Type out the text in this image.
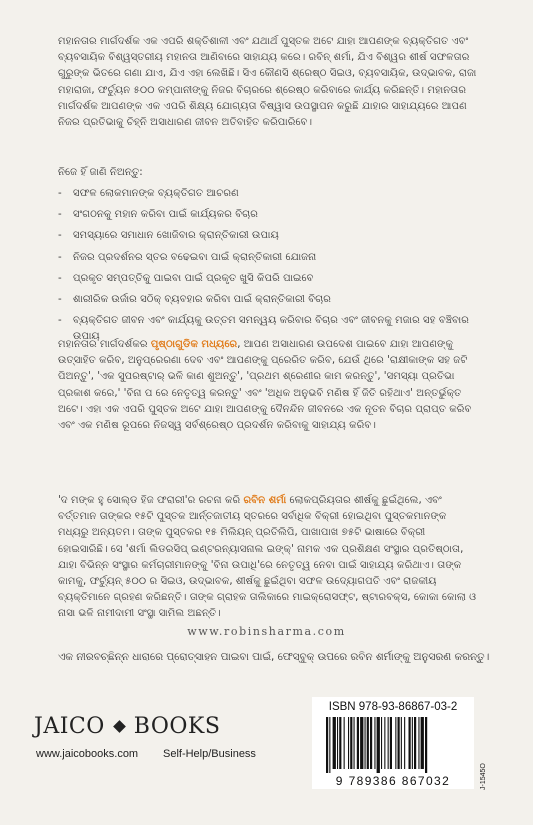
ମହାନତାର ମାର୍ଗଦର୍ଶକ ଏକ ଏପରି ଶକ୍ତିଶାଳୀ ଏବଂ ଯଥାର୍ଥ ପୁସ୍ତକ ଅଟେ ଯାହା ଆପଣଙ୍କ ବ୍ୟକ୍ତିଗତ ଏବଂ ବ୍ୟବସାୟିକ ବିଶ୍ୱସ୍ତରୀୟ ମହାନତା ଆଣିବାରେ ସାହାଯ୍ୟ କରେ। ରବିନ୍ ଶର୍ମା, ଯିଏ ବିଶ୍ୱର ଶୀର୍ଷ ସଫଳତାର ଗୁରୁଙ୍କ ଭିତରେ ଗଣା ଯାଏ, ଯିଏ ଏହା ଲେଖିଛି। ସିଏ କୌଣସି ଶ୍ରେଷ୍ଠ ସିଇଓ, ବ୍ୟବସାୟିକ, ଉଦ୍ଭାବକ, ରାଜା ମହାରାଜା, ଫର୍ଚ୍ୟୁନ ୫୦୦ କମ୍ପାନୀଙ୍କୁ ନିଜର ବିଚାରରେ ଶ୍ରେଷ୍ଠ କରିବାରେ କାର୍ଯ୍ୟ କରିଛନ୍ତି। ମହାନତାର ମାର୍ଗଦର୍ଶକ ଆପଣଙ୍କ ଏକ ଏପରି ଶିକ୍ଷ୍ୟ ଯୋଗ୍ୟତା ବିଷ୍ୱାସ ଉପସ୍ଥାପନ କରୁଛି ଯାହାର ସାହାଯ୍ୟରେ ଆପଣ ନିଜର ପ୍ରତିଭାକୁ ଚିହ୍ନି ଅସାଧାରଣ ଜୀବନ ଅତିବାହିତ କରିପାରିବେ।

ନିଜେ ହିଁ ଜାଣି ନିଅନ୍ତୁ:

- ସଫଳ ଲୋକମାନଙ୍କ ବ୍ୟକ୍ତିଗତ ଆଚରଣ
- ସଂଗଠନକୁ ମହାନ କରିବା ପାଇଁ କାର୍ଯ୍ୟକର ବିଚାର
- ସମସ୍ୟାରେ ସମାଧାନ ଖୋଜିବାର କ୍ରାନ୍ତିକାରୀ ଉପାୟ
- ନିଜର ପ୍ରଦର୍ଶନର ସ୍ତର ବଢେଇବା ପାଇଁ କ୍ରାନ୍ତିକାରୀ ଯୋଜନା
- ପ୍ରକୃତ ସମ୍ପତ୍ତିକୁ ପାଇବା ପାଇଁ ପ୍ରକୃତ ଖୁସି କିପରି ପାଇବେ
- ଶାରୀରିକ ଉର୍ଜାର ସଠିକ୍ ବ୍ୟବହାର କରିବା ପାଇଁ କ୍ରାନ୍ତିକାରୀ ବିଚାର
- ବ୍ୟକ୍ତିଗତ ଜୀବନ ଏବଂ କାର୍ଯ୍ୟକୁ ଉତ୍ତମ ସମନ୍ୱୟ କରିବାର ବିଚାର ଏବଂ ଜୀବନକୁ ମଜାର ସହ ବଞ୍ଚିବାର ଉପାୟ

ମହାନତାର ମାର୍ଗଦର୍ଶକର ପୃଷ୍ଠାଗୁଡିକ ମଧ୍ୟରେ, ଆପଣ ଅସାଧାରଣ ଉପଦେଶ ପାଇବେ ଯାହା ଆପଣଙ୍କୁ ଉତ୍ସାହିତ କରିବ, ଅନୁପ୍ରେରଣା ଦେବ ଏବଂ ଆପଣଙ୍କୁ ପ୍ରେରିତ କରିବ, ଯେଉଁ ଥିରେ 'ରାକ୍ଷୀକାଙ୍କ ସହ ଜଟି ପିଅନ୍ତୁ', 'ଏକ ସୁପରଷ୍ଟାର୍ ଭଳି କାଣ ଶୁଅନ୍ତୁ', 'ପ୍ରଥମ ଶ୍ରେଣୀର କାମ କରନ୍ତୁ', 'ସମସ୍ୟା ପ୍ରତିଭା ପ୍ରକାଶ କରେ,' 'ବିନା ପ ରେ ନେତୃତ୍ୱ କରନ୍ତୁ' ଏବଂ 'ଅଧିକ ଅନୁଭବି ମଣିଷ ହିଁ ଜିତି ରହିଥାଏ' ଅନ୍ତର୍ଭୁକ୍ତ ଅଟେ। ଏହା ଏକ ଏପରି ପୁସ୍ତକ ଅଟେ ଯାହା ଆପଣଙ୍କୁ ଦୈନନ୍ଦିନ ଜୀବନରେ ଏକ ନୂତନ ବିଚାର ପ୍ରାପ୍ତ କରିବ ଏବଂ ଏକ ମଣିଷ ରୂପରେ ନିଜସ୍ୱ ସର୍ବଶ୍ରେଷ୍ଠ ପ୍ରଦର୍ଶନ କରିବାକୁ ସାହାଯ୍ୟ କରିବ।

'ଦ ମଙ୍କ ହୁ ସୋଲ୍ଡ ହିଜ ଫରାରୀ'ର ରଚନା କରି ରବିନ ଶର୍ମା ଲୋକପ୍ରିୟତାର ଶୀର୍ଷକୁ ଛୁଇଁଥିଲେ, ଏବଂ ବର୍ତ୍ତମାନ ତାଙ୍କର ୧୫ଟି ପୁସ୍ତକ ଆର୍ନ୍ତଜାତୀୟ ସ୍ତରରେ ସର୍ବାଧିକ ବିକ୍ରୀ ହୋଇଥିବା ପୁସ୍ତକମାନଙ୍କ ମଧ୍ୟରୁ ଅନ୍ୟତମ। ତାଙ୍କ ପୁସ୍ତକର ୧୫ ମିଲିୟନ୍ ପ୍ରତିଲିପି, ପାଖାପାଖ ୭୫ଟି ଭାଷାରେ ବିକ୍ରୀ ହୋଇସାରିଛି। ସେ 'ଶର୍ମା ଲିଡରସିପ୍ ଇଣ୍ଟରନ୍ୟାସନାଲ ଇଙ୍କ୍' ନାମକ ଏକ ପ୍ରଶିକ୍ଷଣ ସଂସ୍ଥାର ପ୍ରତିଷ୍ଠାତା, ଯାହା ବିଭିନ୍ନ ସଂସ୍ଥାର କର୍ମଚାରୀମାନଙ୍କୁ 'ବିନା ଉପାଧି'ରେ ନେତୃତ୍ୱ ନେବା ପାଇଁ ସାହାଯ୍ୟ କରିଥାଏ। ତାଙ୍କ କାମକୁ, ଫର୍ଚ୍ୟୁନ୍ ୫୦୦ ର ସିଇଓ, ଉଦ୍ଭାବକ, ଶୀର୍ଷକୁ ଛୁଇଁଥିବା ସଫଳ ଉଦ୍ୟୋଗପତି ଏବଂ ରାଜକୀୟ ବ୍ୟକ୍ତିମାନେ ଗ୍ରହଣ କରିଛନ୍ତି। ତାଙ୍କ ଗ୍ରାହକ ତାଲିକାରେ ମାଇକ୍ରୋସଫ୍ଟ, ଷ୍ଟାରବକ୍ସ, କୋକା କୋଲା ଓ ନାସା ଭଳି ନାମୀଦାମୀ ସଂସ୍ଥା ସାମିଲ ଅଛନ୍ତି।

www.robinsharma.com

ଏକ ନୀରବଚ୍ଛିନ୍ନ ଧାରାରେ ପ୍ରୋତ୍ସାହନ ପାଇବା ପାଇଁ, ଫେସ୍‌ବୁକ୍ ଉପରେ ରବିନ ଶର୍ମାଙ୍କୁ ଅନୁସରଣ କରନ୍ତୁ।

JAICO BOOKS
www.jaicobooks.com Self-Help/Business
ISBN 978-93-86867-03-2
9 789386 867032	J-1545O
